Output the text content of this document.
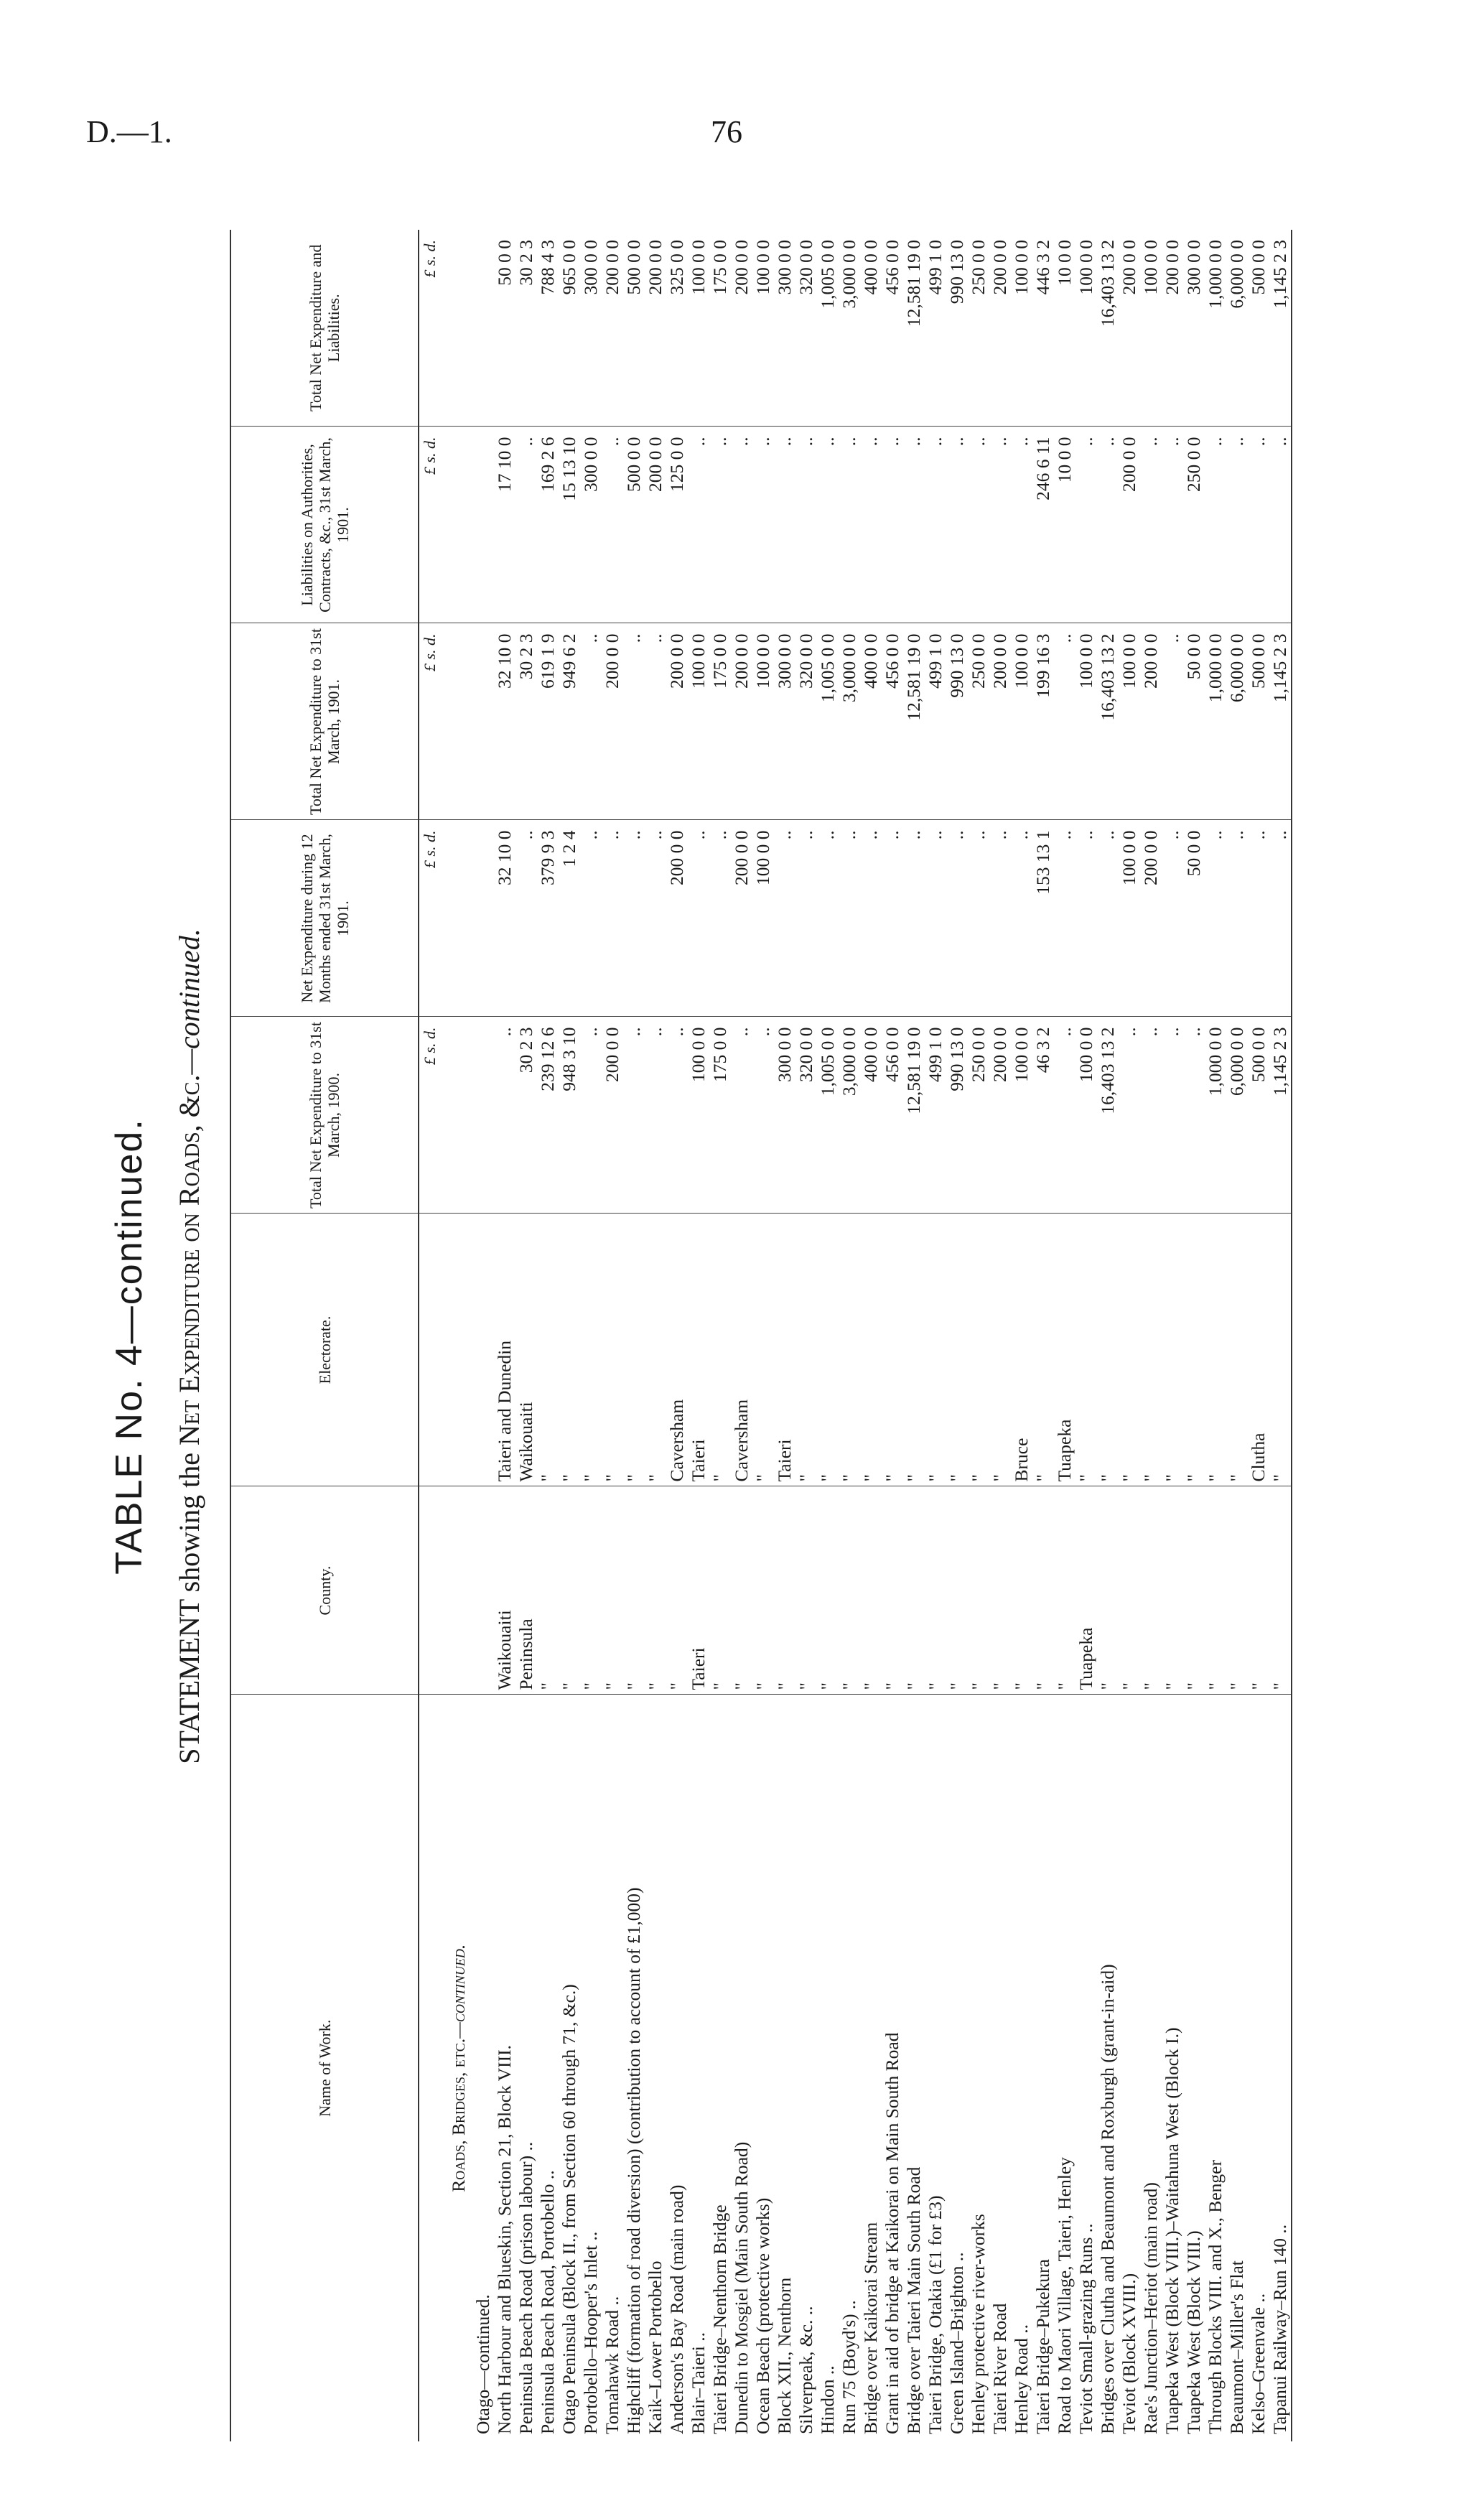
D.—1.	76
TABLE No. 4—continued.
STATEMENT showing the Net Expenditure on Roads, &c.—continued.
Name of Work.	County.	Electorate.	Total Net Expenditure to 31st March, 1900.	Net Expenditure during 12 Months ended 31st March, 1901.	Total Net Expenditure to 31st March, 1901.	Liabilities on Authorities, Contracts, &c., 31st March, 1901.	Total Net Expenditure and Liabilities.
			£ s. d.	£ s. d.	£ s. d.	£ s. d.	£ s. d.
Roads, Bridges, etc.—continued.							
Otago—continued.							
North Harbour and Blueskin, Section 21, Block VIII.	Waikouaiti	Taieri and Dunedin	..	32 10 0	32 10 0	17 10 0	50 0 0
Peninsula Beach Road (prison labour) ..	Peninsula	Waikouaiti	30 2 3	..	30 2 3	..	30 2 3
Peninsula Beach Road, Portobello ..	"	"	239 12 6	379 9 3	619 1 9	169 2 6	788 4 3
Otago Peninsula (Block II., from Section 60 through 71, &c.)	"	"	948 3 10	1 2 4	949 6 2	15 13 10	965 0 0
Portobello–Hooper's Inlet ..	"	"	..	..	..	300 0 0	300 0 0
Tomahawk Road ..	"	"	200 0 0	..	200 0 0	..	200 0 0
Highcliff (formation of road diversion) (contribution to account of £1,000)	"	"	..	..	..	500 0 0	500 0 0
Kaik–Lower Portobello	"	"	..	..	..	200 0 0	200 0 0
Anderson's Bay Road (main road)	"	Caversham	..	200 0 0	200 0 0	125 0 0	325 0 0
Blair–Taieri ..	Taieri	Taieri	100 0 0	..	100 0 0	..	100 0 0
Taieri Bridge–Nenthorn Bridge	"	"	175 0 0	..	175 0 0	..	175 0 0
Dunedin to Mosgiel (Main South Road)	"	Caversham	..	200 0 0	200 0 0	..	200 0 0
Ocean Beach (protective works)	"	"	..	100 0 0	100 0 0	..	100 0 0
Block XII., Nenthorn	"	Taieri	300 0 0	..	300 0 0	..	300 0 0
Silverpeak, &c. ..	"	"	320 0 0	..	320 0 0	..	320 0 0
Hindon ..	"	"	1,005 0 0	..	1,005 0 0	..	1,005 0 0
Run 75 (Boyd's) ..	"	"	3,000 0 0	..	3,000 0 0	..	3,000 0 0
Bridge over Kaikorai Stream	"	"	400 0 0	..	400 0 0	..	400 0 0
Grant in aid of bridge at Kaikorai on Main South Road	"	"	456 0 0	..	456 0 0	..	456 0 0
Bridge over Taieri Main South Road	"	"	12,581 19 0	..	12,581 19 0	..	12,581 19 0
Taieri Bridge, Otakia (£1 for £3)	"	"	499 1 0	..	499 1 0	..	499 1 0
Green Island–Brighton ..	"	"	990 13 0	..	990 13 0	..	990 13 0
Henley protective river-works	"	"	250 0 0	..	250 0 0	..	250 0 0
Taieri River Road	"	"	200 0 0	..	200 0 0	..	200 0 0
Henley Road ..	"	Bruce	100 0 0	..	100 0 0	..	100 0 0
Taieri Bridge–Pukekura	"	"	46 3 2	153 13 1	199 16 3	246 6 11	446 3 2
Road to Maori Village, Taieri, Henley	"	Tuapeka	..	..	..	10 0 0	10 0 0
Teviot Small-grazing Runs ..	Tuapeka	"	100 0 0	..	100 0 0	..	100 0 0
Bridges over Clutha and Beaumont and Roxburgh (grant-in-aid)	"	"	16,403 13 2	..	16,403 13 2	..	16,403 13 2
Teviot (Block XVIII.)	"	"	..	100 0 0	100 0 0	200 0 0	200 0 0
Rae's Junction–Heriot (main road)	"	"	..	200 0 0	200 0 0	..	100 0 0
Tuapeka West (Block VIII.)–Waitahuna West (Block I.)	"	"	..	..	..	..	200 0 0
Tuapeka West (Block VIII.)	"	"	..	50 0 0	50 0 0	250 0 0	300 0 0
Through Blocks VIII. and X., Benger	"	"	1,000 0 0	..	1,000 0 0	..	1,000 0 0
Beaumont–Miller's Flat	"	"	6,000 0 0	..	6,000 0 0	..	6,000 0 0
Kelso–Greenvale ..	"	Clutha	500 0 0	..	500 0 0	..	500 0 0
Tapanui Railway–Run 140 ..	"	"	1,145 2 3	..	1,145 2 3	..	1,145 2 3
